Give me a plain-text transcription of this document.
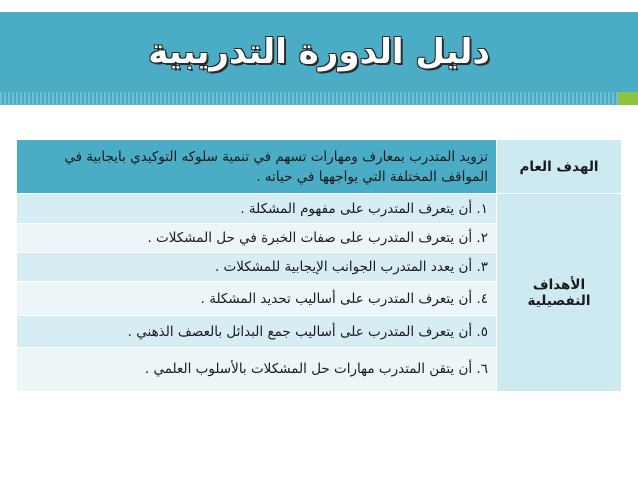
دليل الدورة التدريبية
الهدف العام	تزويد المتدرب بمعارف ومهارات تسهم في تنمية سلوكه التوكيدي بايجابية في المواقف المختلفة التي يواجهها في حياته .
الأهداف التفصيلية	١. أن يتعرف المتدرب على مفهوم المشكلة .
	٢. أن يتعرف المتدرب على صفات الخبرة في حل المشكلات .
	٣. أن يعدد المتدرب الجوانب الإيجابية للمشكلات .
	٤. أن يتعرف المتدرب على أساليب تحديد المشكلة .
	٥. أن يتعرف المتدرب على أساليب جمع البدائل بالعصف الذهني .
	٦. أن يتقن المتدرب مهارات حل المشكلات بالأسلوب العلمي .
